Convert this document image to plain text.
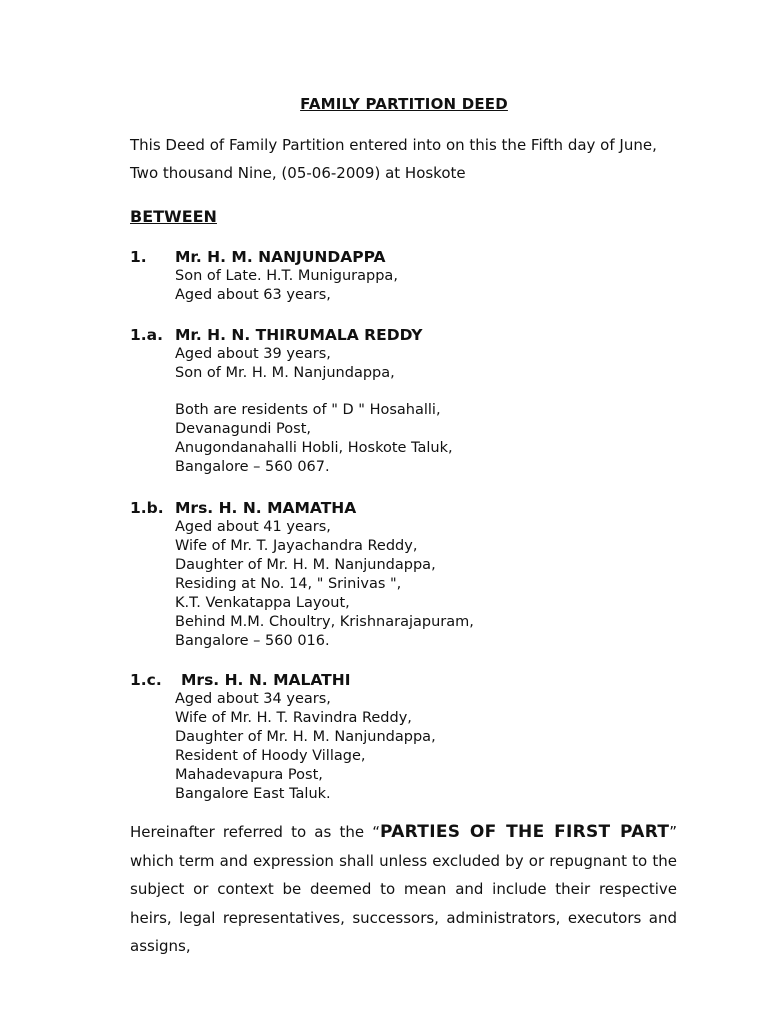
FAMILY PARTITION DEED
This Deed of Family Partition entered into on this the Fifth day of June,
Two thousand Nine, (05-06-2009) at Hoskote
BETWEEN
1. Mr. H. M. NANJUNDAPPA
Son of Late. H.T. Munigurappa,
Aged about 63 years,
1.a. Mr. H. N. THIRUMALA REDDY
Aged about 39 years,
Son of Mr. H. M. Nanjundappa,
Both are residents of " D " Hosahalli,
Devanagundi Post,
Anugondanahalli Hobli, Hoskote Taluk,
Bangalore – 560 067.
1.b. Mrs. H. N. MAMATHA
Aged about 41 years,
Wife of Mr. T. Jayachandra Reddy,
Daughter of Mr. H. M. Nanjundappa,
Residing at No. 14, " Srinivas ",
K.T. Venkatappa Layout,
Behind M.M. Choultry, Krishnarajapuram,
Bangalore – 560 016.
1.c. Mrs. H. N. MALATHI
Aged about 34 years,
Wife of Mr. H. T. Ravindra Reddy,
Daughter of Mr. H. M. Nanjundappa,
Resident of Hoody Village,
Mahadevapura Post,
Bangalore East Taluk.
Hereinafter referred to as the “PARTIES OF THE FIRST PART” which term and expression shall unless excluded by or repugnant to the subject or context be deemed to mean and include their respective heirs, legal representatives, successors, administrators, executors and assigns,
